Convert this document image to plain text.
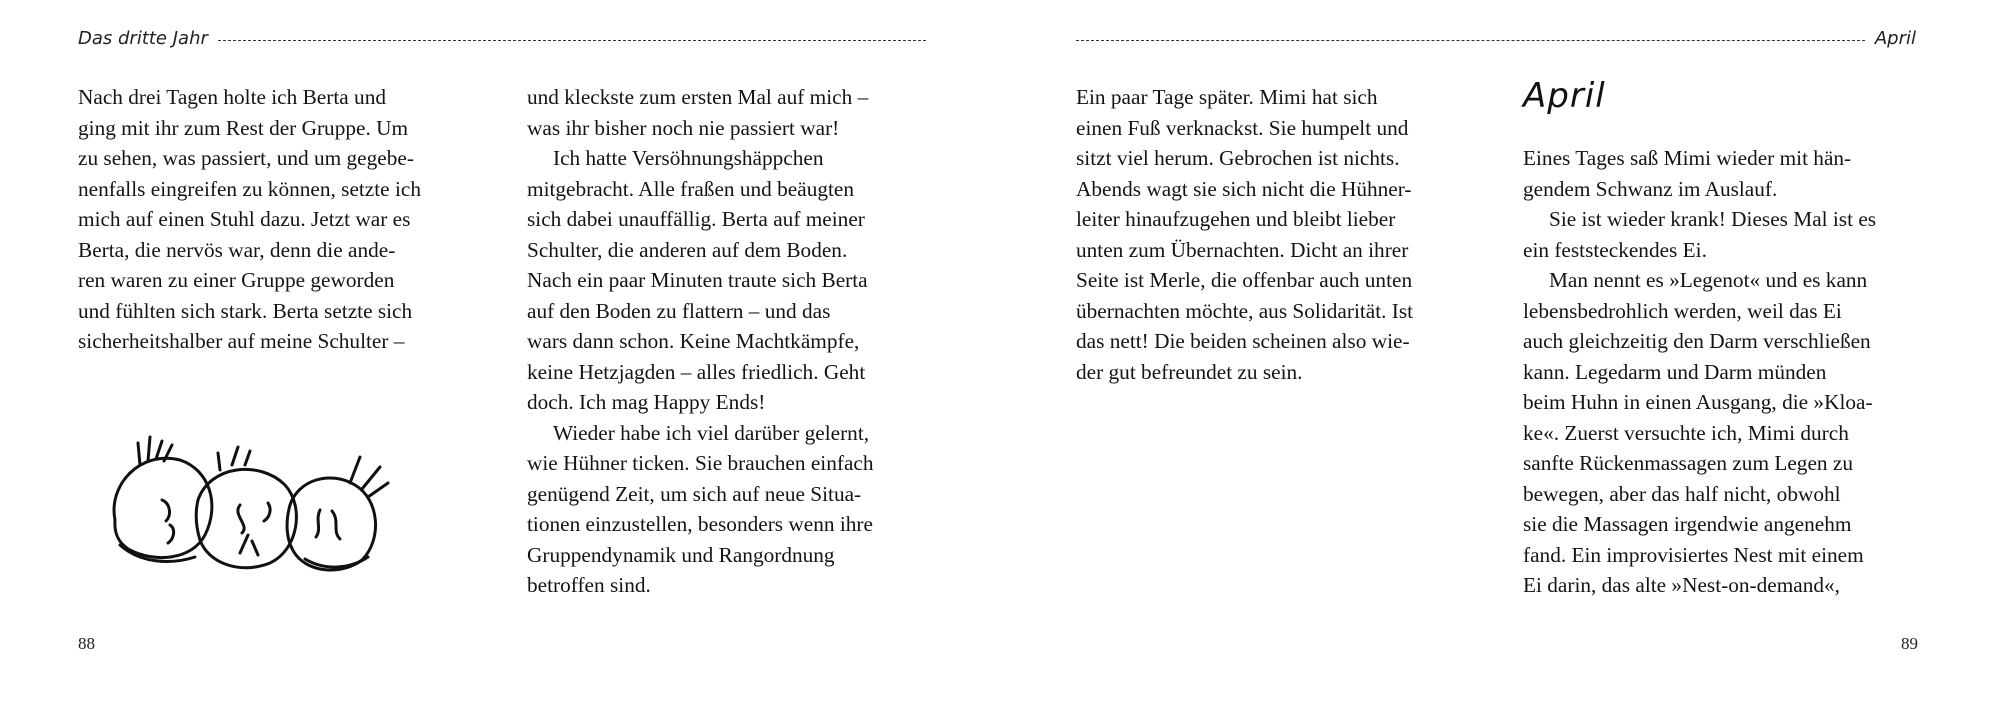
Das dritte Jahr
Nach drei Tagen holte ich Berta und
ging mit ihr zum Rest der Gruppe. Um
zu sehen, was passiert, und um gegebe-
nenfalls eingreifen zu können, setzte ich
mich auf einen Stuhl dazu. Jetzt war es
Berta, die nervös war, denn die ande-
ren waren zu einer Gruppe geworden
und fühlten sich stark. Berta setzte sich
sicherheitshalber auf meine Schulter –
und kleckste zum ersten Mal auf mich –
was ihr bisher noch nie passiert war!
Ich hatte Versöhnungshäppchen
mitgebracht. Alle fraßen und beäugten
sich dabei unauffällig. Berta auf meiner
Schulter, die anderen auf dem Boden.
Nach ein paar Minuten traute sich Berta
auf den Boden zu flattern – und das
wars dann schon. Keine Machtkämpfe,
keine Hetzjagden – alles friedlich. Geht
doch. Ich mag Happy Ends!
Wieder habe ich viel darüber gelernt,
wie Hühner ticken. Sie brauchen einfach
genügend Zeit, um sich auf neue Situa-
tionen einzustellen, besonders wenn ihre
Gruppendynamik und Rangordnung
betroffen sind.
88
April
Ein paar Tage später. Mimi hat sich
einen Fuß verknackst. Sie humpelt und
sitzt viel herum. Gebrochen ist nichts.
Abends wagt sie sich nicht die Hühner-
leiter hinaufzugehen und bleibt lieber
unten zum Übernachten. Dicht an ihrer
Seite ist Merle, die offenbar auch unten
übernachten möchte, aus Solidarität. Ist
das nett! Die beiden scheinen also wie-
der gut befreundet zu sein.
April
Eines Tages saß Mimi wieder mit hän-
gendem Schwanz im Auslauf.
Sie ist wieder krank! Dieses Mal ist es
ein feststeckendes Ei.
Man nennt es »Legenot« und es kann
lebensbedrohlich werden, weil das Ei
auch gleichzeitig den Darm verschließen
kann. Legedarm und Darm münden
beim Huhn in einen Ausgang, die »Kloa-
ke«. Zuerst versuchte ich, Mimi durch
sanfte Rückenmassagen zum Legen zu
bewegen, aber das half nicht, obwohl
sie die Massagen irgendwie angenehm
fand. Ein improvisiertes Nest mit einem
Ei darin, das alte »Nest-on-demand«,
89
